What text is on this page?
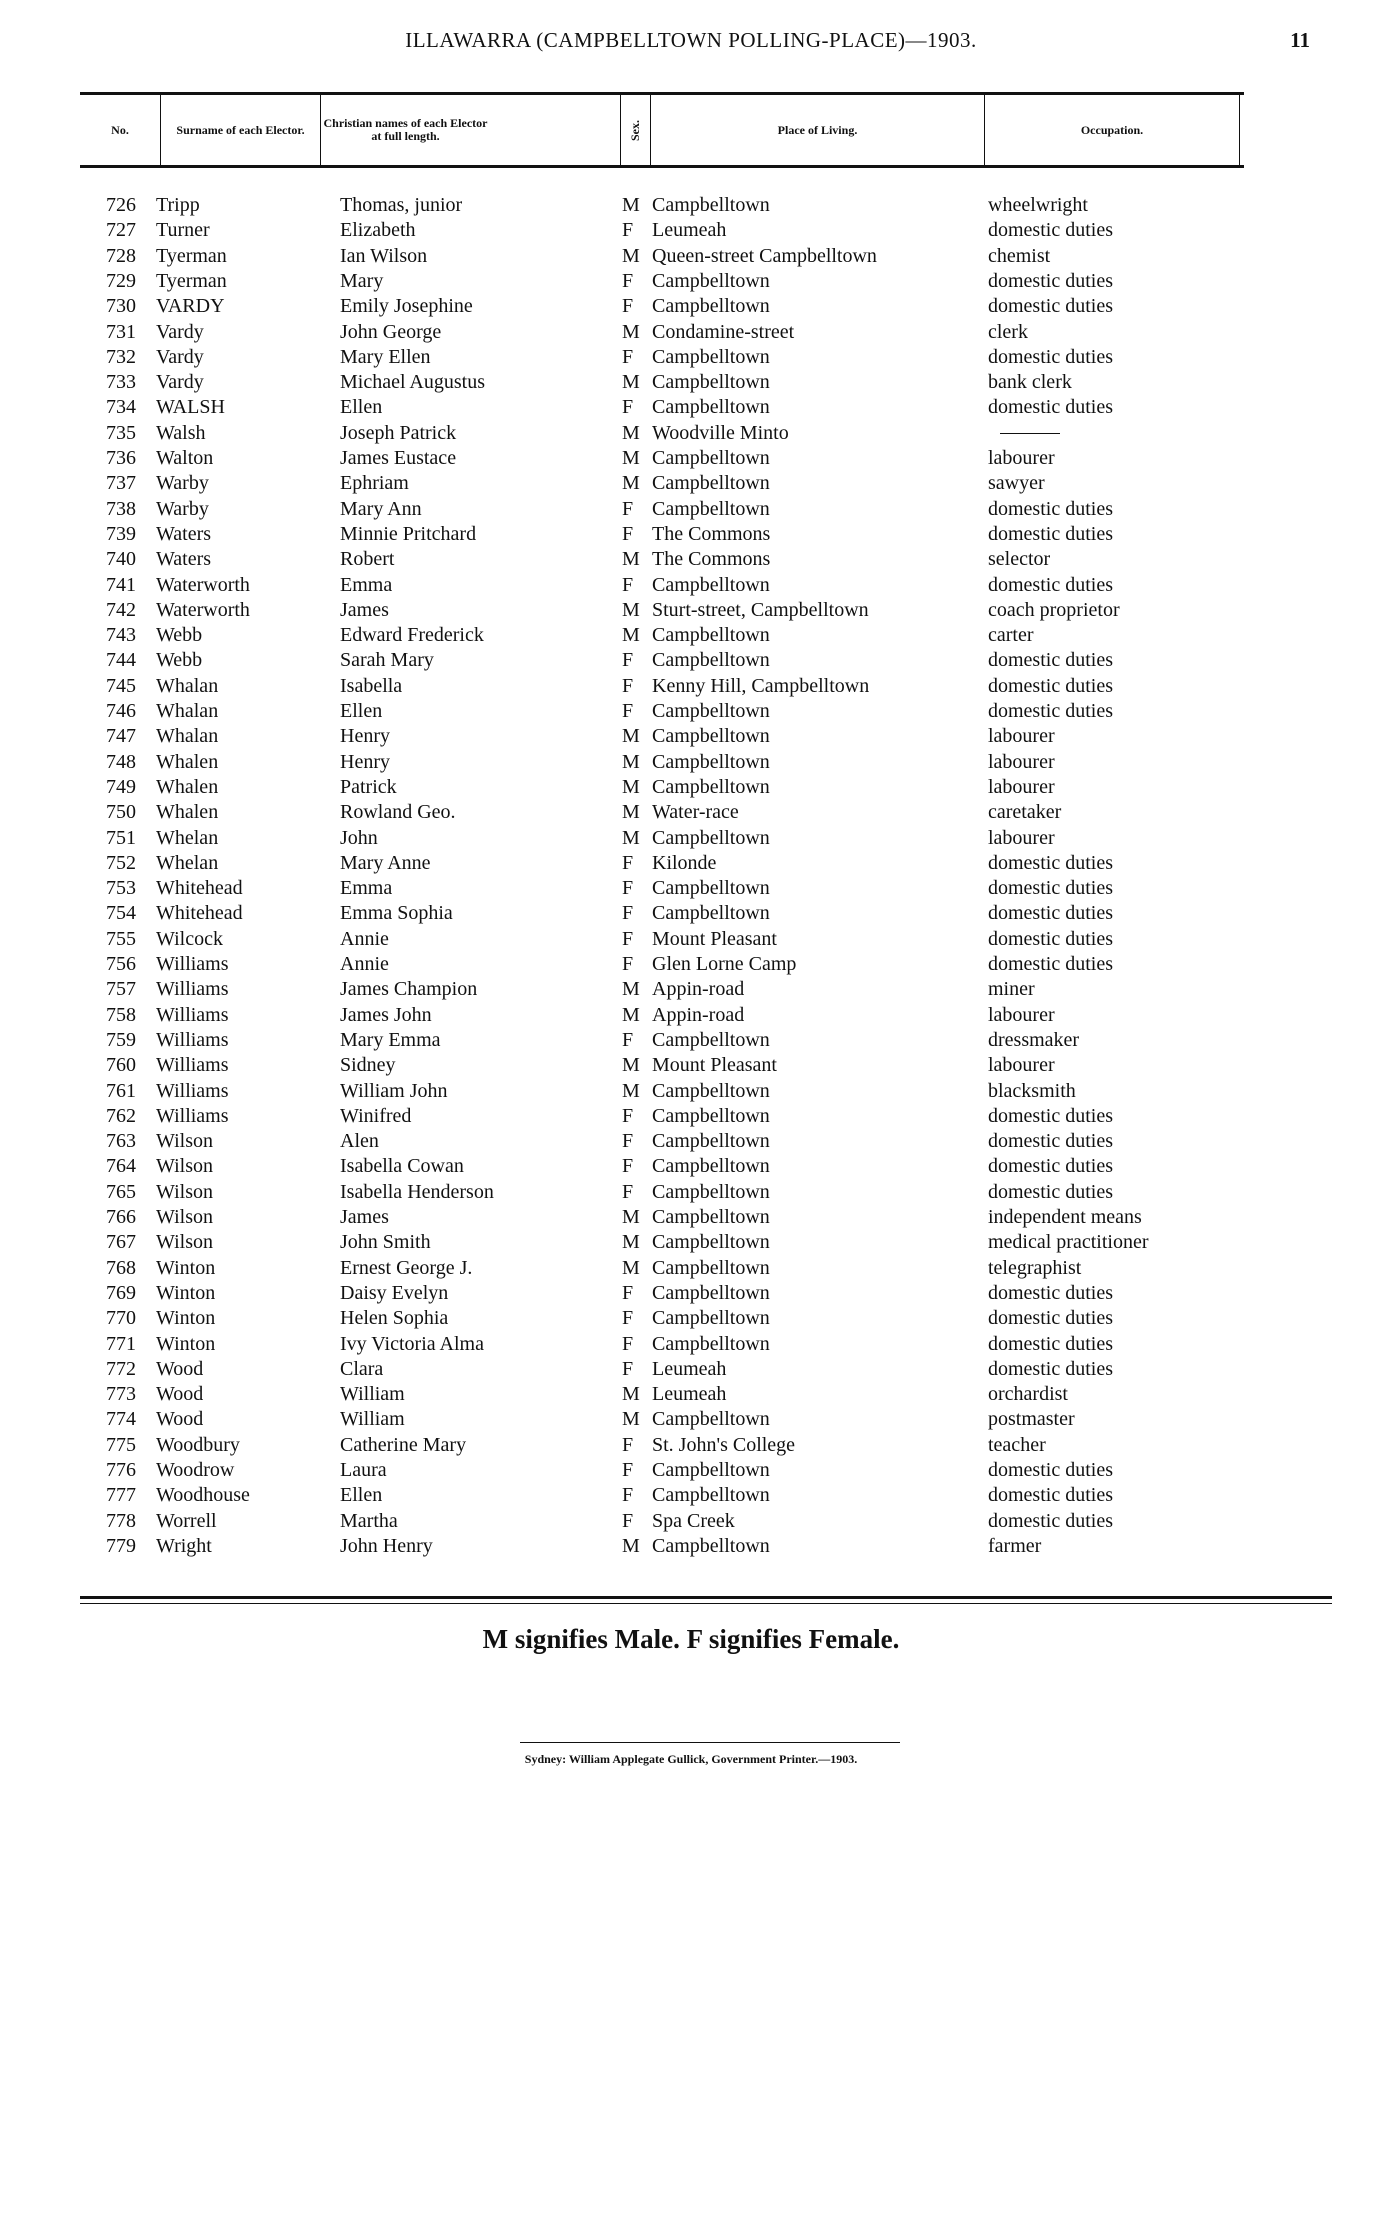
ILLAWARRA (CAMPBELLTOWN POLLING-PLACE)—1903.	11
No.	Surname of each Elector.	Christian names of each Elector at full length.	Sex.	Place of Living.	Occupation.
726 Tripp	Thomas, junior	M Campbelltown	wheelwright
727 Turner	Elizabeth	F Leumeah	domestic duties
728 Tyerman	Ian Wilson	M Queen-street Campbelltown	chemist
729 Tyerman	Mary	F Campbelltown	domestic duties
730 VARDY	Emily Josephine	F Campbelltown	domestic duties
731 Vardy	John George	M Condamine-street	clerk
732 Vardy	Mary Ellen	F Campbelltown	domestic duties
733 Vardy	Michael Augustus	M Campbelltown	bank clerk
734 WALSH	Ellen	F Campbelltown	domestic duties
735 Walsh	Joseph Patrick	M Woodville Minto
736 Walton	James Eustace	M Campbelltown	labourer
737 Warby	Ephriam	M Campbelltown	sawyer
738 Warby	Mary Ann	F Campbelltown	domestic duties
739 Waters	Minnie Pritchard	F The Commons	domestic duties
740 Waters	Robert	M The Commons	selector
741 Waterworth	Emma	F Campbelltown	domestic duties
742 Waterworth	James	M Sturt-street, Campbelltown	coach proprietor
743 Webb	Edward Frederick	M Campbelltown	carter
744 Webb	Sarah Mary	F Campbelltown	domestic duties
745 Whalan	Isabella	F Kenny Hill, Campbelltown	domestic duties
746 Whalan	Ellen	F Campbelltown	domestic duties
747 Whalan	Henry	M Campbelltown	labourer
748 Whalen	Henry	M Campbelltown	labourer
749 Whalen	Patrick	M Campbelltown	labourer
750 Whalen	Rowland Geo.	M Water-race	caretaker
751 Whelan	John	M Campbelltown	labourer
752 Whelan	Mary Anne	F Kilonde	domestic duties
753 Whitehead	Emma	F Campbelltown	domestic duties
754 Whitehead	Emma Sophia	F Campbelltown	domestic duties
755 Wilcock	Annie	F Mount Pleasant	domestic duties
756 Williams	Annie	F Glen Lorne Camp	domestic duties
757 Williams	James Champion	M Appin-road	miner
758 Williams	James John	M Appin-road	labourer
759 Williams	Mary Emma	F Campbelltown	dressmaker
760 Williams	Sidney	M Mount Pleasant	labourer
761 Williams	William John	M Campbelltown	blacksmith
762 Williams	Winifred	F Campbelltown	domestic duties
763 Wilson	Alen	F Campbelltown	domestic duties
764 Wilson	Isabella Cowan	F Campbelltown	domestic duties
765 Wilson	Isabella Henderson	F Campbelltown	domestic duties
766 Wilson	James	M Campbelltown	independent means
767 Wilson	John Smith	M Campbelltown	medical practitioner
768 Winton	Ernest George J.	M Campbelltown	telegraphist
769 Winton	Daisy Evelyn	F Campbelltown	domestic duties
770 Winton	Helen Sophia	F Campbelltown	domestic duties
771 Winton	Ivy Victoria Alma	F Campbelltown	domestic duties
772 Wood	Clara	F Leumeah	domestic duties
773 Wood	William	M Leumeah	orchardist
774 Wood	William	M Campbelltown	postmaster
775 Woodbury	Catherine Mary	F St. John's College	teacher
776 Woodrow	Laura	F Campbelltown	domestic duties
777 Woodhouse	Ellen	F Campbelltown	domestic duties
778 Worrell	Martha	F Spa Creek	domestic duties
779 Wright	John Henry	M Campbelltown	farmer
M signifies Male. F signifies Female.
Sydney: William Applegate Gullick, Government Printer.—1903.
